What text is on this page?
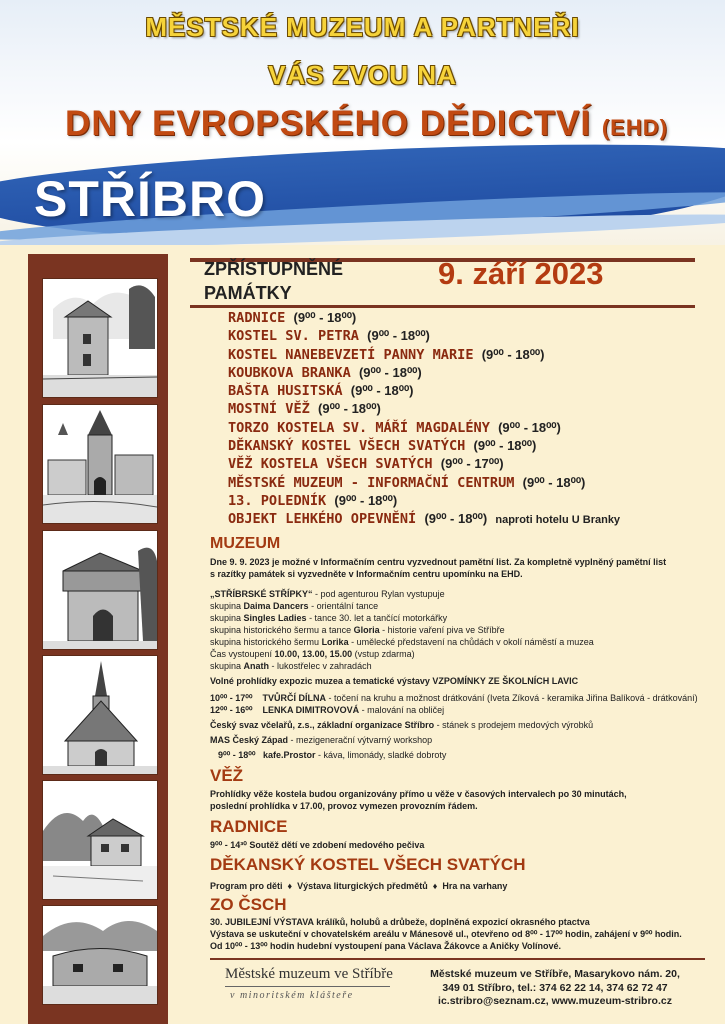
MĚSTSKÉ MUZEUM A PARTNEŘI
VÁS ZVOU NA
DNY EVROPSKÉHO DĚDICTVÍ (EHD)
STŘÍBRO
ZPŘÍSTUPNĚNÉ
PAMÁTKY
9. září 2023
RADNICE (9⁰⁰ - 18⁰⁰)
KOSTEL SV. PETRA (9⁰⁰ - 18⁰⁰)
KOSTEL NANEBEVZETÍ PANNY MARIE (9⁰⁰ - 18⁰⁰)
KOUBKOVA BRANKA (9⁰⁰ - 18⁰⁰)
BAŠTA HUSITSKÁ (9⁰⁰ - 18⁰⁰)
MOSTNÍ VĚŽ (9⁰⁰ - 18⁰⁰)
TORZO KOSTELA SV. MÁŘÍ MAGDALÉNY (9⁰⁰ - 18⁰⁰)
DĚKANSKÝ KOSTEL VŠECH SVATÝCH (9⁰⁰ - 18⁰⁰)
VĚŽ KOSTELA VŠECH SVATÝCH (9⁰⁰ - 17⁰⁰)
MĚSTSKÉ MUZEUM - INFORMAČNÍ CENTRUM (9⁰⁰ - 18⁰⁰)
13. POLEDNÍK (9⁰⁰ - 18⁰⁰)
OBJEKT LEHKÉHO OPEVNĚNÍ (9⁰⁰ - 18⁰⁰) naproti hotelu U Branky
MUZEUM
Dne 9. 9. 2023 je možné v Informačním centru vyzvednout pamětní list. Za kompletně vyplněný pamětní list
s razítky památek si vyzvedněte v Informačním centru upomínku na EHD.
„STŘÍBRSKÉ STŘÍPKY“ - pod agenturou Rylan vystupuje
skupina Daima Dancers - orientální tance
skupina Singles Ladies - tance 30. let a tančící motorkářky
skupina historického šermu a tance Gloria - historie vaření piva ve Stříbře
skupina historického šermu Lorika - umělecké představení na chůdách v okolí náměstí a muzea
Čas vystoupení 10.00, 13.00, 15.00 (vstup zdarma)
skupina Anath - lukostřelec v zahradách
Volné prohlídky expozic muzea a tematické výstavy VZPOMÍNKY ZE ŠKOLNÍCH LAVIC
10⁰⁰ - 17⁰⁰ TVŮRČÍ DÍLNA - točení na kruhu a možnost drátkování (Iveta Zíková - keramika Jiřina Balíková - drátkování)
12⁰⁰ - 16⁰⁰ LENKA DIMITROVOVÁ - malování na obličej
Český svaz včelařů, z.s., základní organizace Stříbro - stánek s prodejem medových výrobků
MAS Český Západ - mezigenerační výtvarný workshop
9⁰⁰ - 18⁰⁰ kafe.Prostor - káva, limonády, sladké dobroty
VĚŽ
Prohlídky věže kostela budou organizovány přímo u věže v časových intervalech po 30 minutách,
poslední prohlídka v 17.00, provoz vymezen provozním řádem.
RADNICE
9⁰⁰ - 14³⁰ Soutěž dětí ve zdobení medového pečiva
DĚKANSKÝ KOSTEL VŠECH SVATÝCH
Program pro děti ♦ Výstava liturgických předmětů ♦ Hra na varhany
ZO ČSCH
30. JUBILEJNÍ VÝSTAVA králíků, holubů a drůbeže, doplněná expozicí okrasného ptactva
Výstava se uskuteční v chovatelském areálu v Mánesově ul., otevřeno od 8⁰⁰ - 17⁰⁰ hodin, zahájení v 9⁰⁰ hodin.
Od 10⁰⁰ - 13⁰⁰ hodin hudební vystoupení pana Václava Žákovce a Aničky Volínové.
Městské muzeum ve Stříbře
v minoritském klášteře
Městské muzeum ve Stříbře, Masarykovo nám. 20,
349 01 Stříbro, tel.: 374 62 22 14, 374 62 72 47
ic.stribro@seznam.cz, www.muzeum-stribro.cz
